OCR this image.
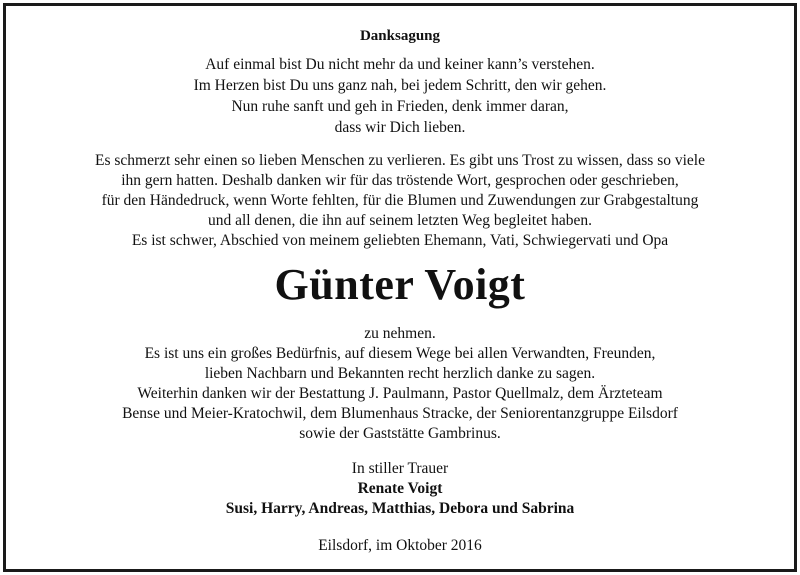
Danksagung
Auf einmal bist Du nicht mehr da und keiner kann’s verstehen.
Im Herzen bist Du uns ganz nah, bei jedem Schritt, den wir gehen.
Nun ruhe sanft und geh in Frieden, denk immer daran,
dass wir Dich lieben.
Es schmerzt sehr einen so lieben Menschen zu verlieren. Es gibt uns Trost zu wissen, dass so viele
ihn gern hatten. Deshalb danken wir für das tröstende Wort, gesprochen oder geschrieben,
für den Händedruck, wenn Worte fehlten, für die Blumen und Zuwendungen zur Grabgestaltung
und all denen, die ihn auf seinem letzten Weg begleitet haben.
Es ist schwer, Abschied von meinem geliebten Ehemann, Vati, Schwiegervati und Opa
Günter Voigt
zu nehmen.
Es ist uns ein großes Bedürfnis, auf diesem Wege bei allen Verwandten, Freunden,
lieben Nachbarn und Bekannten recht herzlich danke zu sagen.
Weiterhin danken wir der Bestattung J. Paulmann, Pastor Quellmalz, dem Ärzteteam
Bense und Meier-Kratochwil, dem Blumenhaus Stracke, der Seniorentanzgruppe Eilsdorf
sowie der Gaststätte Gambrinus.
In stiller Trauer
Renate Voigt
Susi, Harry, Andreas, Matthias, Debora und Sabrina
Eilsdorf, im Oktober 2016
